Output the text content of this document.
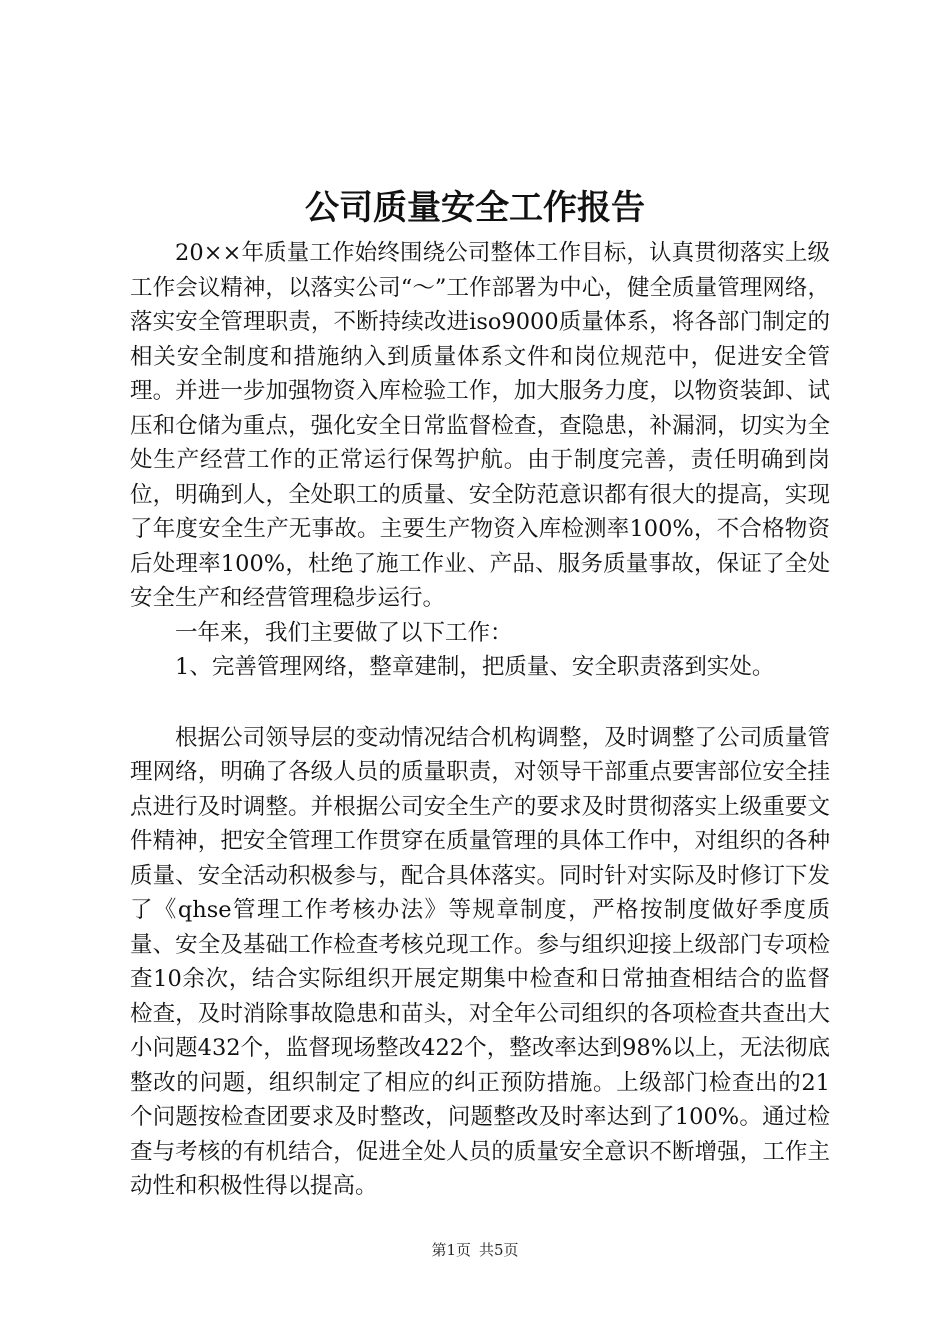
公司质量安全工作报告

20××年质量工作始终围绕公司整体工作目标，认真贯彻落实上级工作会议精神，以落实公司“～”工作部署为中心，健全质量管理网络，落实安全管理职责，不断持续改进iso9000质量体系，将各部门制定的相关安全制度和措施纳入到质量体系文件和岗位规范中，促进安全管理。并进一步加强物资入库检验工作，加大服务力度，以物资装卸、试压和仓储为重点，强化安全日常监督检查，查隐患，补漏洞，切实为全处生产经营工作的正常运行保驾护航。由于制度完善，责任明确到岗位，明确到人，全处职工的质量、安全防范意识都有很大的提高，实现了年度安全生产无事故。主要生产物资入库检测率100%，不合格物资后处理率100%，杜绝了施工作业、产品、服务质量事故，保证了全处安全生产和经营管理稳步运行。

一年来，我们主要做了以下工作：

1、完善管理网络，整章建制，把质量、安全职责落到实处。

根据公司领导层的变动情况结合机构调整，及时调整了公司质量管理网络，明确了各级人员的质量职责，对领导干部重点要害部位安全挂点进行及时调整。并根据公司安全生产的要求及时贯彻落实上级重要文件精神，把安全管理工作贯穿在质量管理的具体工作中，对组织的各种质量、安全活动积极参与，配合具体落实。同时针对实际及时修订下发了《qhse管理工作考核办法》等规章制度，严格按制度做好季度质量、安全及基础工作检查考核兑现工作。参与组织迎接上级部门专项检查10余次，结合实际组织开展定期集中检查和日常抽查相结合的监督检查，及时消除事故隐患和苗头，对全年公司组织的各项检查共查出大小问题432个，监督现场整改422个，整改率达到98%以上，无法彻底整改的问题，组织制定了相应的纠正预防措施。上级部门检查出的21个问题按检查团要求及时整改，问题整改及时率达到了100%。通过检查与考核的有机结合，促进全处人员的质量安全意识不断增强，工作主动性和积极性得以提高。

第1页 共5页
